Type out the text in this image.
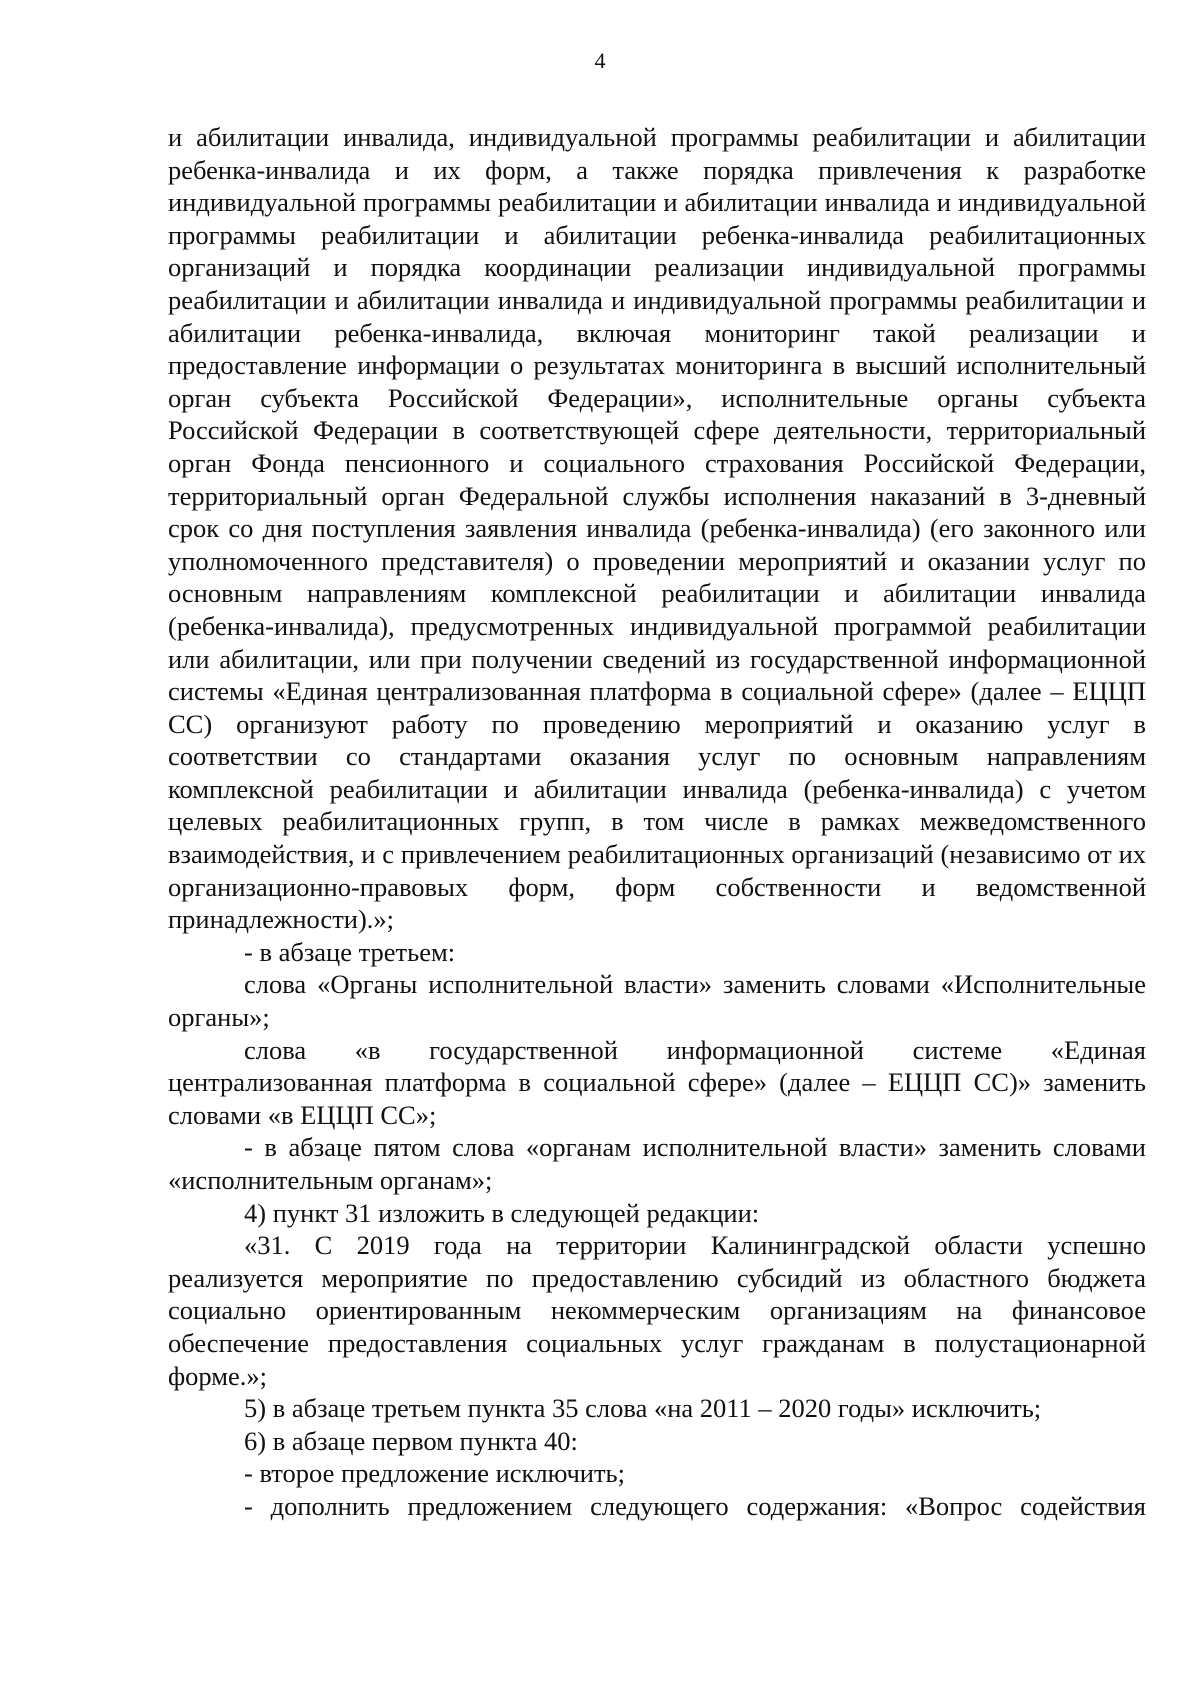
4

и абилитации инвалида, индивидуальной программы реабилитации и абилитации ребенка-инвалида и их форм, а также порядка привлечения к разработке индивидуальной программы реабилитации и абилитации инвалида и индивидуальной программы реабилитации и абилитации ребенка-инвалида реабилитационных организаций и порядка координации реализации индивидуальной программы реабилитации и абилитации инвалида и индивидуальной программы реабилитации и абилитации ребенка-инвалида, включая мониторинг такой реализации и предоставление информации о результатах мониторинга в высший исполнительный орган субъекта Российской Федерации», исполнительные органы субъекта Российской Федерации в соответствующей сфере деятельности, территориальный орган Фонда пенсионного и социального страхования Российской Федерации, территориальный орган Федеральной службы исполнения наказаний в 3-дневный срок со дня поступления заявления инвалида (ребенка-инвалида) (его законного или уполномоченного представителя) о проведении мероприятий и оказании услуг по основным направлениям комплексной реабилитации и абилитации инвалида (ребенка-инвалида), предусмотренных индивидуальной программой реабилитации или абилитации, или при получении сведений из государственной информационной системы «Единая централизованная платформа в социальной сфере» (далее – ЕЦЦП СС) организуют работу по проведению мероприятий и оказанию услуг в соответствии со стандартами оказания услуг по основным направлениям комплексной реабилитации и абилитации инвалида (ребенка-инвалида) с учетом целевых реабилитационных групп, в том числе в рамках межведомственного взаимодействия, и с привлечением реабилитационных организаций (независимо от их организационно-правовых форм, форм собственности и ведомственной принадлежности).»;

- в абзаце третьем:

слова «Органы исполнительной власти» заменить словами «Исполнительные органы»;

слова «в государственной информационной системе «Единая централизованная платформа в социальной сфере» (далее – ЕЦЦП СС)» заменить словами «в ЕЦЦП СС»;

- в абзаце пятом слова «органам исполнительной власти» заменить словами «исполнительным органам»;

4) пункт 31 изложить в следующей редакции:

«31. С 2019 года на территории Калининградской области успешно реализуется мероприятие по предоставлению субсидий из областного бюджета социально ориентированным некоммерческим организациям на финансовое обеспечение предоставления социальных услуг гражданам в полустационарной форме.»;

5) в абзаце третьем пункта 35 слова «на 2011 – 2020 годы» исключить;

6) в абзаце первом пункта 40:

- второе предложение исключить;

- дополнить предложением следующего содержания: «Вопрос содействия
